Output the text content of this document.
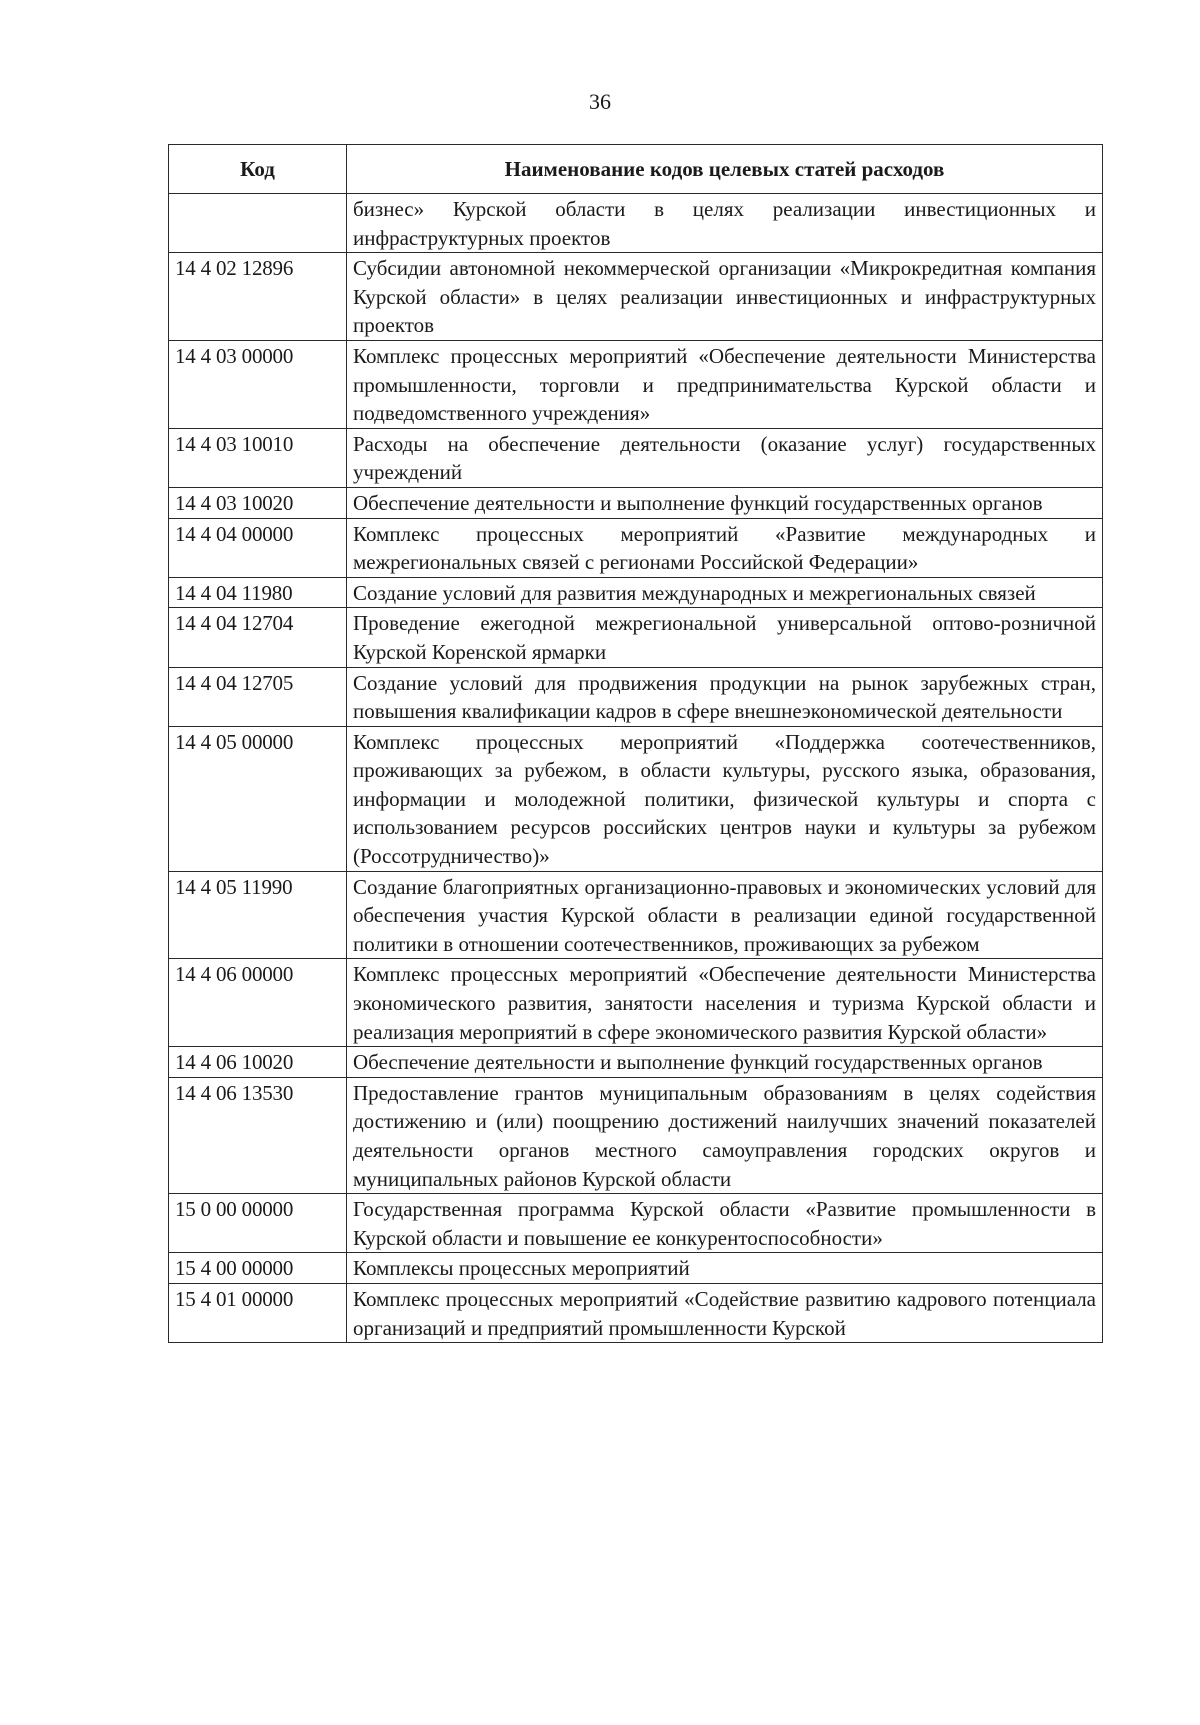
36
Код	Наименование кодов целевых статей расходов
	бизнес» Курской области в целях реализации инвестиционных и инфраструктурных проектов
14 4 02 12896	Субсидии автономной некоммерческой организации «Микрокредитная компания Курской области» в целях реализации инвестиционных и инфраструктурных проектов
14 4 03 00000	Комплекс процессных мероприятий «Обеспечение деятельности Министерства промышленности, торговли и предпринимательства Курской области и подведомственного учреждения»
14 4 03 10010	Расходы на обеспечение деятельности (оказание услуг) государственных учреждений
14 4 03 10020	Обеспечение деятельности и выполнение функций государственных органов
14 4 04 00000	Комплекс процессных мероприятий «Развитие международных и межрегиональных связей с регионами Российской Федерации»
14 4 04 11980	Создание условий для развития международных и межрегиональных связей
14 4 04 12704	Проведение ежегодной межрегиональной универсальной оптово-розничной Курской Коренской ярмарки
14 4 04 12705	Создание условий для продвижения продукции на рынок зарубежных стран, повышения квалификации кадров в сфере внешнеэкономической деятельности
14 4 05 00000	Комплекс процессных мероприятий «Поддержка соотечественников, проживающих за рубежом, в области культуры, русского языка, образования, информации и молодежной политики, физической культуры и спорта с использованием ресурсов российских центров науки и культуры за рубежом (Россотрудничество)»
14 4 05 11990	Создание благоприятных организационно-правовых и экономических условий для обеспечения участия Курской области в реализации единой государственной политики в отношении соотечественников, проживающих за рубежом
14 4 06 00000	Комплекс процессных мероприятий «Обеспечение деятельности Министерства экономического развития, занятости населения и туризма Курской области и реализация мероприятий в сфере экономического развития Курской области»
14 4 06 10020	Обеспечение деятельности и выполнение функций государственных органов
14 4 06 13530	Предоставление грантов муниципальным образованиям в целях содействия достижению и (или) поощрению достижений наилучших значений показателей деятельности органов местного самоуправления городских округов и муниципальных районов Курской области
15 0 00 00000	Государственная программа Курской области «Развитие промышленности в Курской области и повышение ее конкурентоспособности»
15 4 00 00000	Комплексы процессных мероприятий
15 4 01 00000	Комплекс процессных мероприятий «Содействие развитию кадрового потенциала организаций и предприятий промышленности Курской
